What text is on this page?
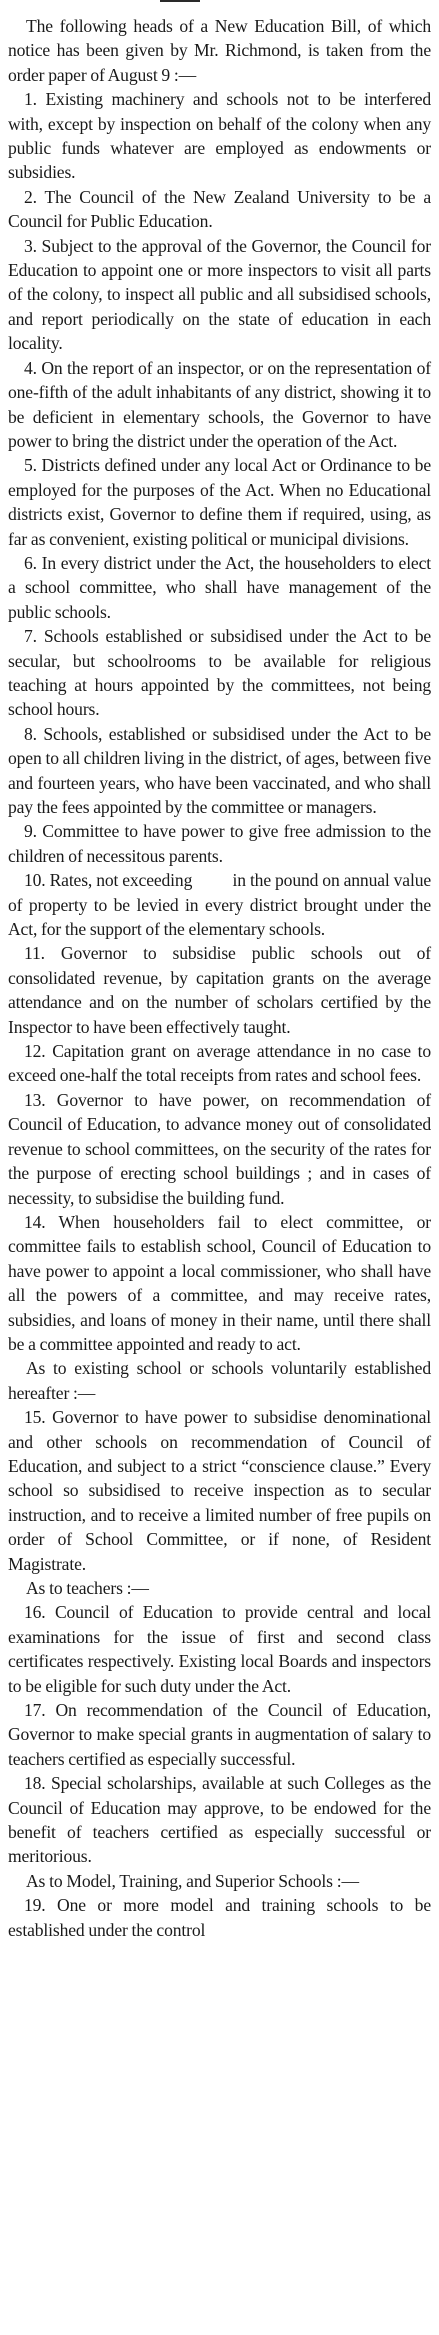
The following heads of a New Education Bill, of which notice has been given by Mr. Richmond, is taken from the order paper of August 9 :—

1. Existing machinery and schools not to be interfered with, except by inspection on behalf of the colony when any public funds whatever are employed as endowments or subsidies.

2. The Council of the New Zealand University to be a Council for Public Education.

3. Subject to the approval of the Governor, the Council for Education to appoint one or more inspectors to visit all parts of the colony, to inspect all public and all subsidised schools, and report periodically on the state of education in each locality.

4. On the report of an inspector, or on the representation of one-fifth of the adult inhabitants of any district, showing it to be deficient in elementary schools, the Governor to have power to bring the district under the operation of the Act.

5. Districts defined under any local Act or Ordinance to be employed for the purposes of the Act. When no Educational districts exist, Governor to define them if required, using, as far as convenient, existing political or municipal divisions.

6. In every district under the Act, the householders to elect a school committee, who shall have management of the public schools.

7. Schools established or subsidised under the Act to be secular, but schoolrooms to be available for religious teaching at hours appointed by the committees, not being school hours.

8. Schools, established or subsidised under the Act to be open to all children living in the district, of ages, between five and fourteen years, who have been vaccinated, and who shall pay the fees appointed by the committee or managers.

9. Committee to have power to give free admission to the children of necessitous parents.

10. Rates, not exceeding          in the pound on annual value of property to be levied in every district brought under the Act, for the support of the elementary schools.

11. Governor to subsidise public schools out of consolidated revenue, by capitation grants on the average attendance and on the number of scholars certified by the Inspector to have been effectively taught.

12. Capitation grant on average attendance in no case to exceed one-half the total receipts from rates and school fees.

13. Governor to have power, on recommendation of Council of Education, to advance money out of consolidated revenue to school committees, on the security of the rates for the purpose of erecting school buildings ; and in cases of necessity, to subsidise the building fund.

14. When householders fail to elect committee, or committee fails to establish school, Council of Education to have power to appoint a local commissioner, who shall have all the powers of a committee, and may receive rates, subsidies, and loans of money in their name, until there shall be a committee appointed and ready to act.

As to existing school or schools voluntarily established hereafter :—

15. Governor to have power to subsidise denominational and other schools on recommendation of Council of Education, and subject to a strict “conscience clause.” Every school so subsidised to receive inspection as to secular instruction, and to receive a limited number of free pupils on order of School Committee, or if none, of Resident Magistrate.

As to teachers :—

16. Council of Education to provide central and local examinations for the issue of first and second class certificates respectively. Existing local Boards and inspectors to be eligible for such duty under the Act.

17. On recommendation of the Council of Education, Governor to make special grants in augmentation of salary to teachers certified as especially successful.

18. Special scholarships, available at such Colleges as the Council of Education may approve, to be endowed for the benefit of teachers certified as especially successful or meritorious.

As to Model, Training, and Superior Schools :—

19. One or more model and training schools to be established under the control
